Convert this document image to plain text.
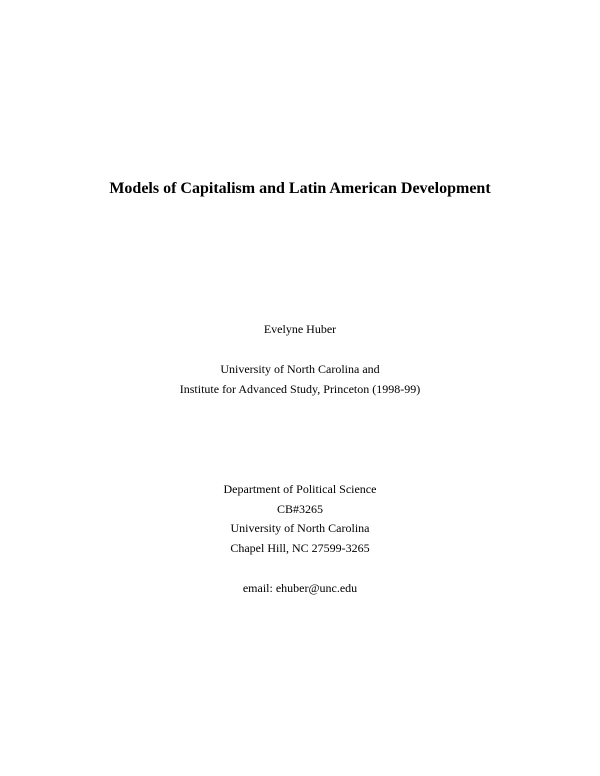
Models of Capitalism and Latin American Development

Evelyne Huber

University of North Carolina and

Institute for Advanced Study, Princeton (1998-99)

Department of Political Science

CB#3265

University of North Carolina

Chapel Hill, NC 27599-3265

email: ehuber@unc.edu
